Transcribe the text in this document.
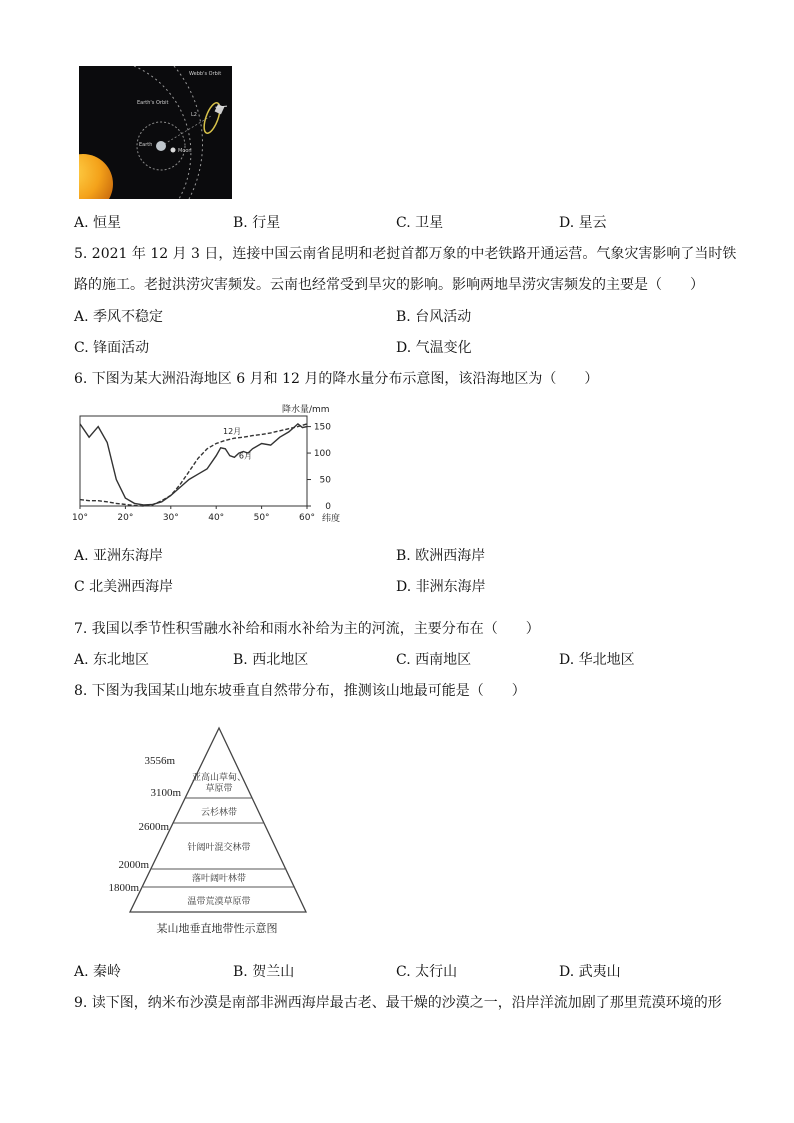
Webb's Orbit
Earth's Orbit
L2
Earth
Moon
A. 恒星	B. 行星	C. 卫星	D. 星云
5. 2021 年 12 月 3 日，连接中国云南省昆明和老挝首都万象的中老铁路开通运营。气象灾害影响了当时铁
路的施工。老挝洪涝灾害频发。云南也经常受到旱灾的影响。影响两地旱涝灾害频发的主要是（　　）
A. 季风不稳定	B. 台风活动
C. 锋面活动	D. 气温变化
6. 下图为某大洲沿海地区 6 月和 12 月的降水量分布示意图，该沿海地区为（　　）
0
50
100
150
10°	20°	30°	40°	50°	60°
12月
6月
降水量/mm
纬度
A. 亚洲东海岸	B. 欧洲西海岸
C 北美洲西海岸	D. 非洲东海岸
7. 我国以季节性积雪融水补给和雨水补给为主的河流，主要分布在（　　）
A. 东北地区	B. 西北地区	C. 西南地区	D. 华北地区
8. 下图为我国某山地东坡垂直自然带分布，推测该山地最可能是（　　）
3556m
3100m
2600m
2000m
1800m
亚高山草甸、草原带
云杉林带
针阔叶混交林带
落叶阔叶林带
温带荒漠草原带
某山地垂直地带性示意图
A. 秦岭	B. 贺兰山	C. 太行山	D. 武夷山
9. 读下图，纳米布沙漠是南部非洲西海岸最古老、最干燥的沙漠之一，沿岸洋流加剧了那里荒漠环境的形
